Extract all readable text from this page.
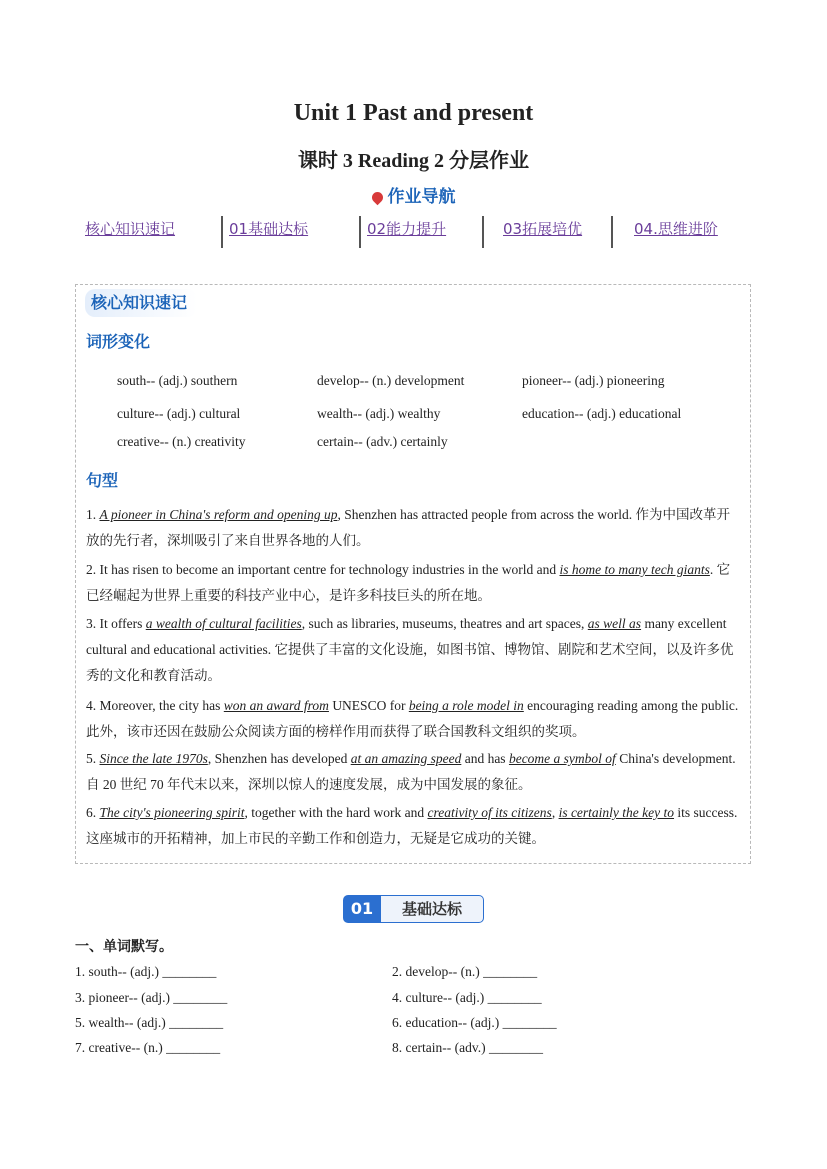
Unit 1 Past and present
课时 3 Reading 2 分层作业
作业导航
核心知识速记	01基础达标	02能力提升	03拓展培优	04.思维进阶
核心知识速记
词形变化
south-- (adj.) southern	develop-- (n.) development	pioneer-- (adj.) pioneering
culture-- (adj.) cultural	wealth-- (adj.) wealthy	education-- (adj.) educational
creative-- (n.) creativity	certain-- (adv.) certainly
句型
1. A pioneer in China's reform and opening up, Shenzhen has attracted people from across the world. 作为中国改革开放的先行者，深圳吸引了来自世界各地的人们。
2. It has risen to become an important centre for technology industries in the world and is home to many tech giants. 它已经崛起为世界上重要的科技产业中心，是许多科技巨头的所在地。
3. It offers a wealth of cultural facilities, such as libraries, museums, theatres and art spaces, as well as many excellent cultural and educational activities. 它提供了丰富的文化设施，如图书馆、博物馆、剧院和艺术空间，以及许多优秀的文化和教育活动。
4. Moreover, the city has won an award from UNESCO for being a role model in encouraging reading among the public. 此外，该市还因在鼓励公众阅读方面的榜样作用而获得了联合国教科文组织的奖项。
5. Since the late 1970s, Shenzhen has developed at an amazing speed and has become a symbol of China's development. 自 20 世纪 70 年代末以来，深圳以惊人的速度发展，成为中国发展的象征。
6. The city's pioneering spirit, together with the hard work and creativity of its citizens, is certainly the key to its success. 这座城市的开拓精神，加上市民的辛勤工作和创造力，无疑是它成功的关键。
01	基础达标
一、单词默写。
1. south-- (adj.) ________	2. develop-- (n.) ________
3. pioneer-- (adj.) ________	4. culture-- (adj.) ________
5. wealth-- (adj.) ________	6. education-- (adj.) ________
7. creative-- (n.) ________	8. certain-- (adv.) ________
